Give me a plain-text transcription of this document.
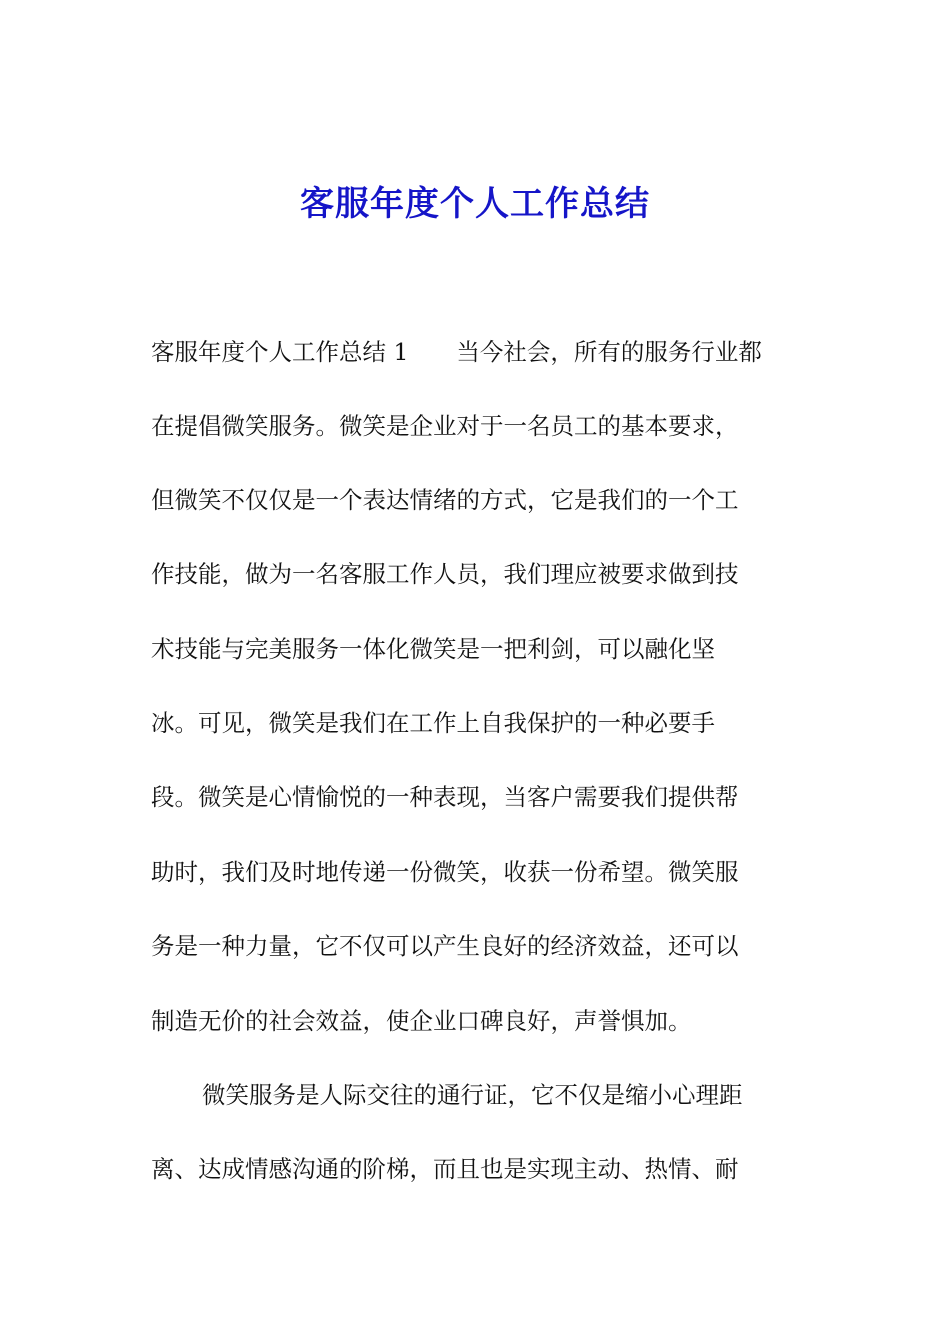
客服年度个人工作总结

客服年度个人工作总结 1 当今社会，所有的服务行业都

在提倡微笑服务。微笑是企业对于一名员工的基本要求，

但微笑不仅仅是一个表达情绪的方式，它是我们的一个工

作技能，做为一名客服工作人员，我们理应被要求做到技

术技能与完美服务一体化微笑是一把利剑，可以融化坚

冰。可见，微笑是我们在工作上自我保护的一种必要手

段。微笑是心情愉悦的一种表现，当客户需要我们提供帮

助时，我们及时地传递一份微笑，收获一份希望。微笑服

务是一种力量，它不仅可以产生良好的经济效益，还可以

制造无价的社会效益，使企业口碑良好，声誉惧加。

微笑服务是人际交往的通行证，它不仅是缩小心理距

离、达成情感沟通的阶梯，而且也是实现主动、热情、耐
